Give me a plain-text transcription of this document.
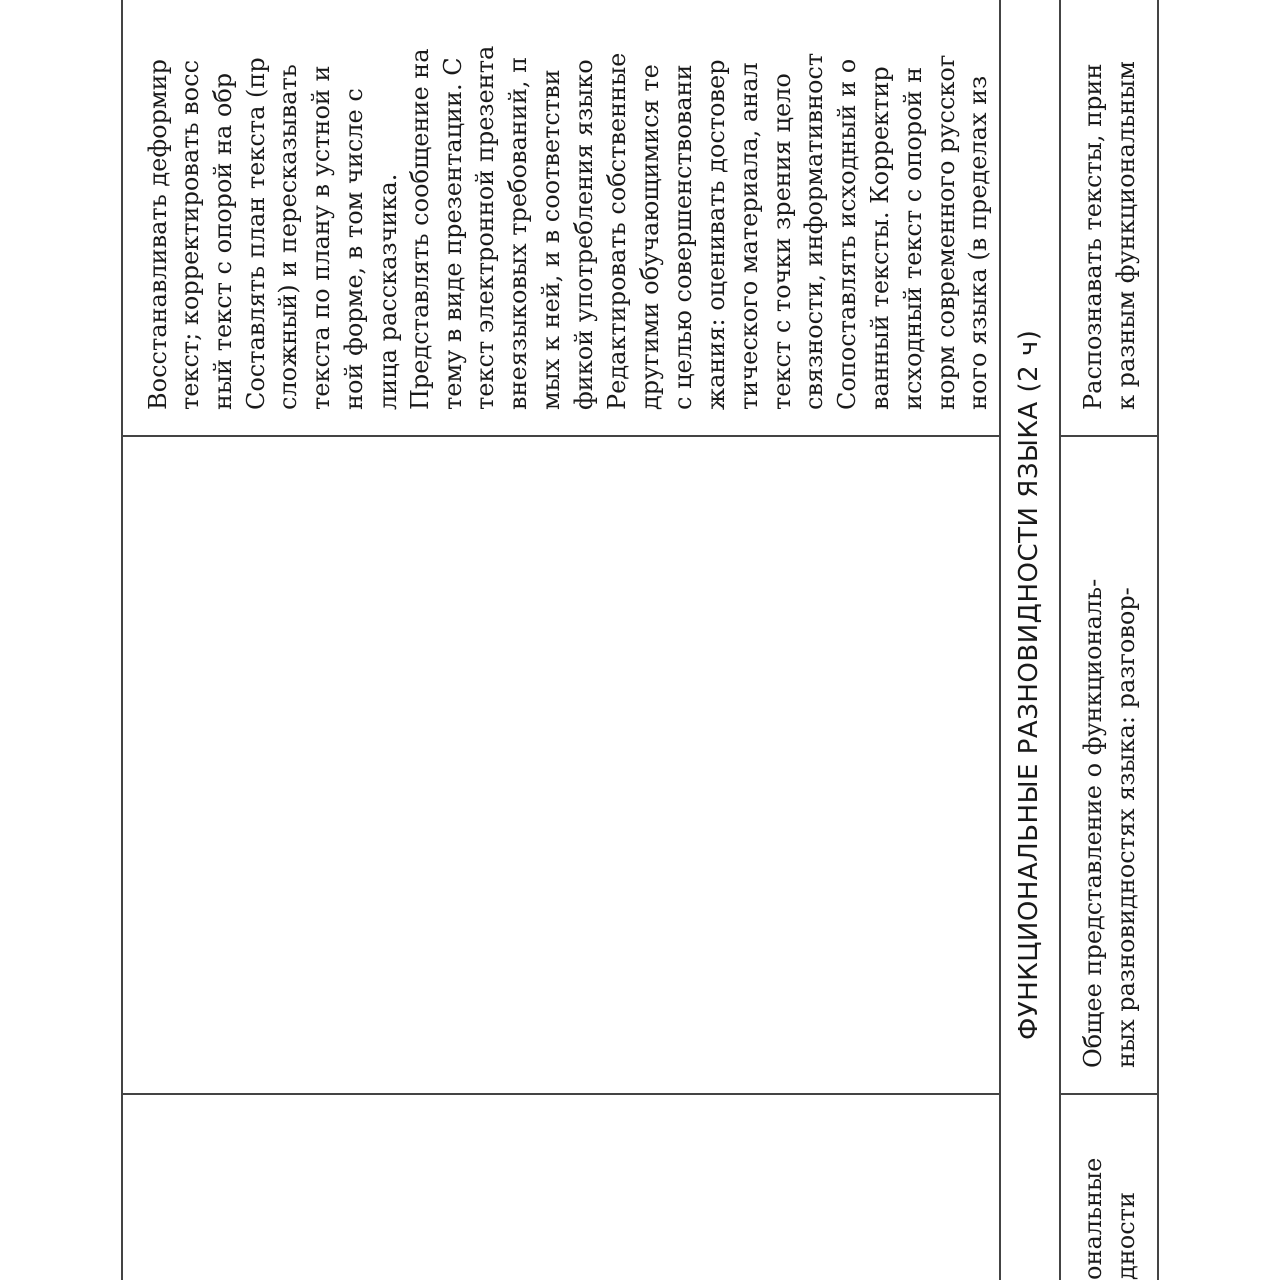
Восстанавливать деформир текст; корректировать восс ный текст с опорой на обр Составлять план текста (пр сложный) и пересказывать текста по плану в устной и ной форме, в том числе с лица рассказчика. Представлять сообщение на тему в виде презентации. С текст электронной презента внеязыковых требований, п мых к ней, и в соответстви фикой употребления языко Редактировать собственные другими обучающимися те с целью совершенствовани жания: оценивать достовер тического материала, анал текст с точки зрения цело связности, информативност Сопоставлять исходный и о ванный тексты. Корректир исходный текст с опорой н норм современного русског ного языка (в пределах из
ФУНКЦИОНАЛЬНЫЕ РАЗНОВИДНОСТИ ЯЗЫКА (2 ч)
ональные дности
Общее представление о функциональ- ных разновидностях языка: разговор-
Распознавать тексты, прин к разным функциональным
